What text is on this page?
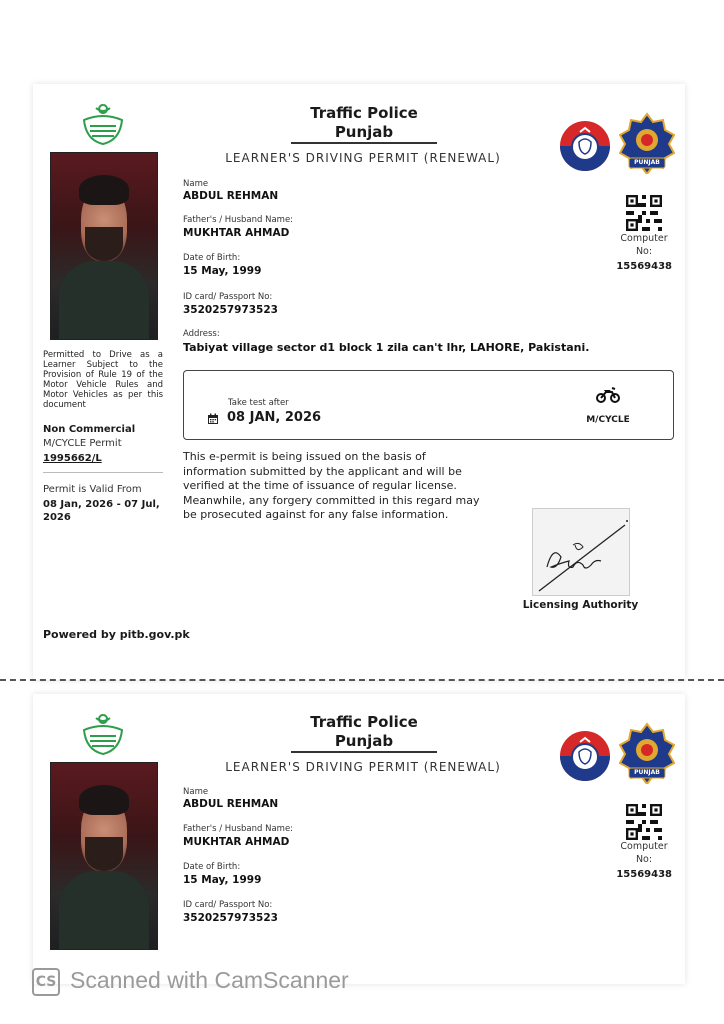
Traffic Police
Punjab
LEARNER'S DRIVING PERMIT (RENEWAL)	PUNJAB
Computer
No:
15569438
Name
ABDUL REHMAN
Father's / Husband Name:
MUKHTAR AHMAD
Date of Birth:
15 May, 1999
ID card/ Passport No:
3520257973523
Address:
Tabiyat village sector d1 block 1 zila can't lhr, LAHORE, Pakistani.
Permitted to Drive as a Learner Subject to the Provision of Rule 19 of the Motor Vehicle Rules and Motor Vehicles as per this document
Non Commercial
M/CYCLE Permit
1995662/L
Permit is Valid From
08 Jan, 2026 - 07 Jul, 2026
Take test after
08 JAN, 2026	M/CYCLE
This e-permit is being issued on the basis of information submitted by the applicant and will be verified at the time of issuance of regular license. Meanwhile, any forgery committed in this regard may be prosecuted against for any false information.
Licensing Authority
Powered by pitb.gov.pk
Traffic Police
Punjab
LEARNER'S DRIVING PERMIT (RENEWAL)	PUNJAB
Computer
No:
15569438
Name
ABDUL REHMAN
Father's / Husband Name:
MUKHTAR AHMAD
Date of Birth:
15 May, 1999
ID card/ Passport No:
3520257973523
CS Scanned with CamScanner
